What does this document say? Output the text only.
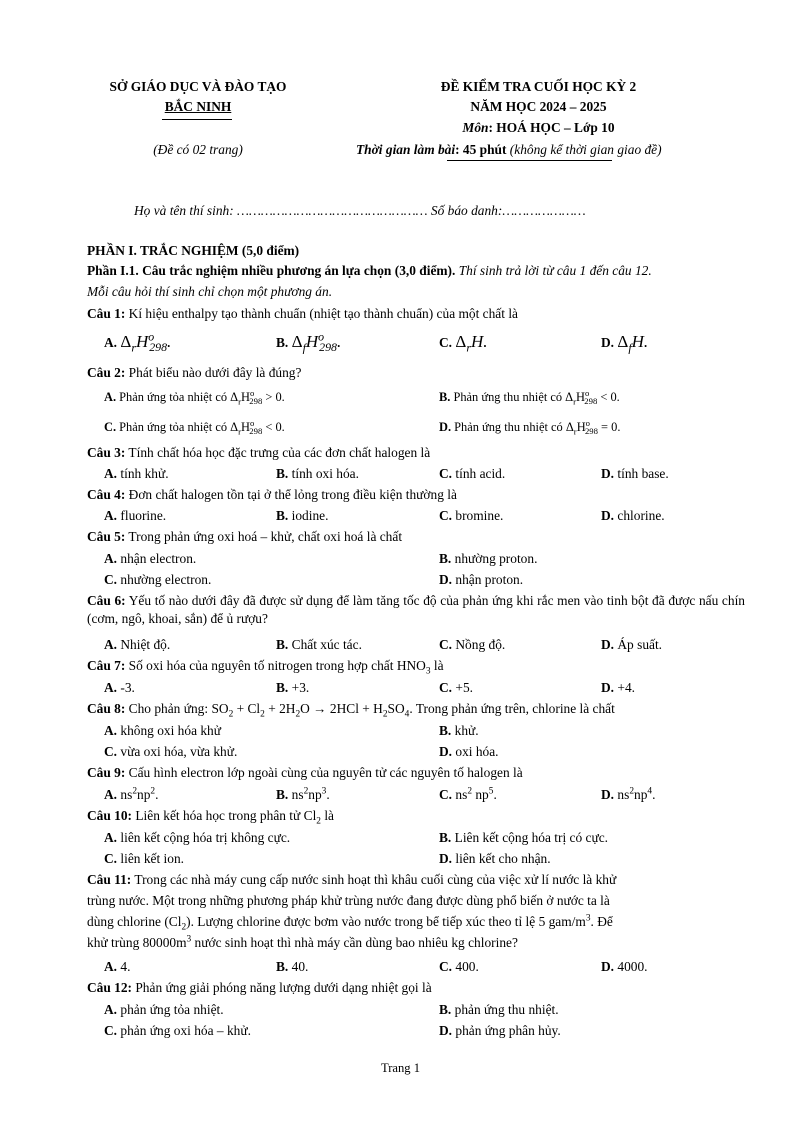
SỞ GIÁO DỤC VÀ ĐÀO TẠO
BẮC NINH
(Đề có 02 trang)
ĐỀ KIỂM TRA CUỐI HỌC KỲ 2
NĂM HỌC 2024 – 2025
Môn: HOÁ HỌC – Lớp 10
Thời gian làm bài: 45 phút (không kể thời gian giao đề)
Họ và tên thí sinh: ………………………………………… Số báo danh:…………………
PHẦN I. TRẮC NGHIỆM (5,0 điểm)
Phần I.1. Câu trắc nghiệm nhiều phương án lựa chọn (3,0 điểm). Thí sinh trả lời từ câu 1 đến câu 12.
Mỗi câu hỏi thí sinh chỉ chọn một phương án.
Câu 1: Kí hiệu enthalpy tạo thành chuẩn (nhiệt tạo thành chuẩn) của một chất là
A. $\Delta_rH^o_{298}$.	B. $\Delta_fH^o_{298}$.	C. $\Delta_rH$.	D. $\Delta_fH$.
Câu 2: Phát biểu nào dưới đây là đúng?
A. Phản ứng tỏa nhiệt có $\Delta_rH^o_{298} > 0$.	B. Phản ứng thu nhiệt có $\Delta_rH^o_{298} < 0$.
C. Phản ứng tỏa nhiệt có $\Delta_rH^o_{298} < 0$.	D. Phản ứng thu nhiệt có $\Delta_rH^o_{298} = 0$.
Câu 3: Tính chất hóa học đặc trưng của các đơn chất halogen là
A. tính khử.	B. tính oxi hóa.	C. tính acid.	D. tính base.
Câu 4: Đơn chất halogen tồn tại ở thể lỏng trong điều kiện thường là
A. fluorine.	B. iodine.	C. bromine.	D. chlorine.
Câu 5: Trong phản ứng oxi hoá – khử, chất oxi hoá là chất
A. nhận electron.	B. nhường proton.
C. nhường electron.	D. nhận proton.
Câu 6: Yếu tố nào dưới đây đã được sử dụng để làm tăng tốc độ của phản ứng khi rắc men vào tinh bột đã được nấu chín (cơm, ngô, khoai, sắn) để ủ rượu?
A. Nhiệt độ.	B. Chất xúc tác.	C. Nồng độ.	D. Áp suất.
Câu 7: Số oxi hóa của nguyên tố nitrogen trong hợp chất $HNO_3$ là
A. -3.	B. +3.	C. +5.	D. +4.
Câu 8: Cho phản ứng: $SO_2 + Cl_2 + 2H_2O \to 2HCl + H_2SO_4$. Trong phản ứng trên, chlorine là chất
A. không oxi hóa khử	B. khử.
C. vừa oxi hóa, vừa khử.	D. oxi hóa.
Câu 9: Cấu hình electron lớp ngoài cùng của nguyên tử các nguyên tố halogen là
A. $ns^2np^2$.	B. $ns^2np^3$.	C. $ns^2$ $np^5$.	D. $ns^2np^4$.
Câu 10: Liên kết hóa học trong phân tử $Cl_2$ là
A. liên kết cộng hóa trị không cực.	B. Liên kết cộng hóa trị có cực.
C. liên kết ion.	D. liên kết cho nhận.
Câu 11: Trong các nhà máy cung cấp nước sinh hoạt thì khâu cuối cùng của việc xử lí nước là khử
trùng nước. Một trong những phương pháp khử trùng nước đang được dùng phổ biến ở nước ta là
dùng chlorine $(Cl_2)$. Lượng chlorine được bơm vào nước trong bể tiếp xúc theo tỉ lệ 5 gam/$m^3$. Để
khử trùng $80000m^3$ nước sinh hoạt thì nhà máy cần dùng bao nhiêu kg chlorine?
A. 4.	B. 40.	C. 400.	D. 4000.
Câu 12: Phản ứng giải phóng năng lượng dưới dạng nhiệt gọi là
A. phản ứng tỏa nhiệt.	B. phản ứng thu nhiệt.
C. phản ứng oxi hóa – khử.	D. phản ứng phân hủy.
Trang 1
